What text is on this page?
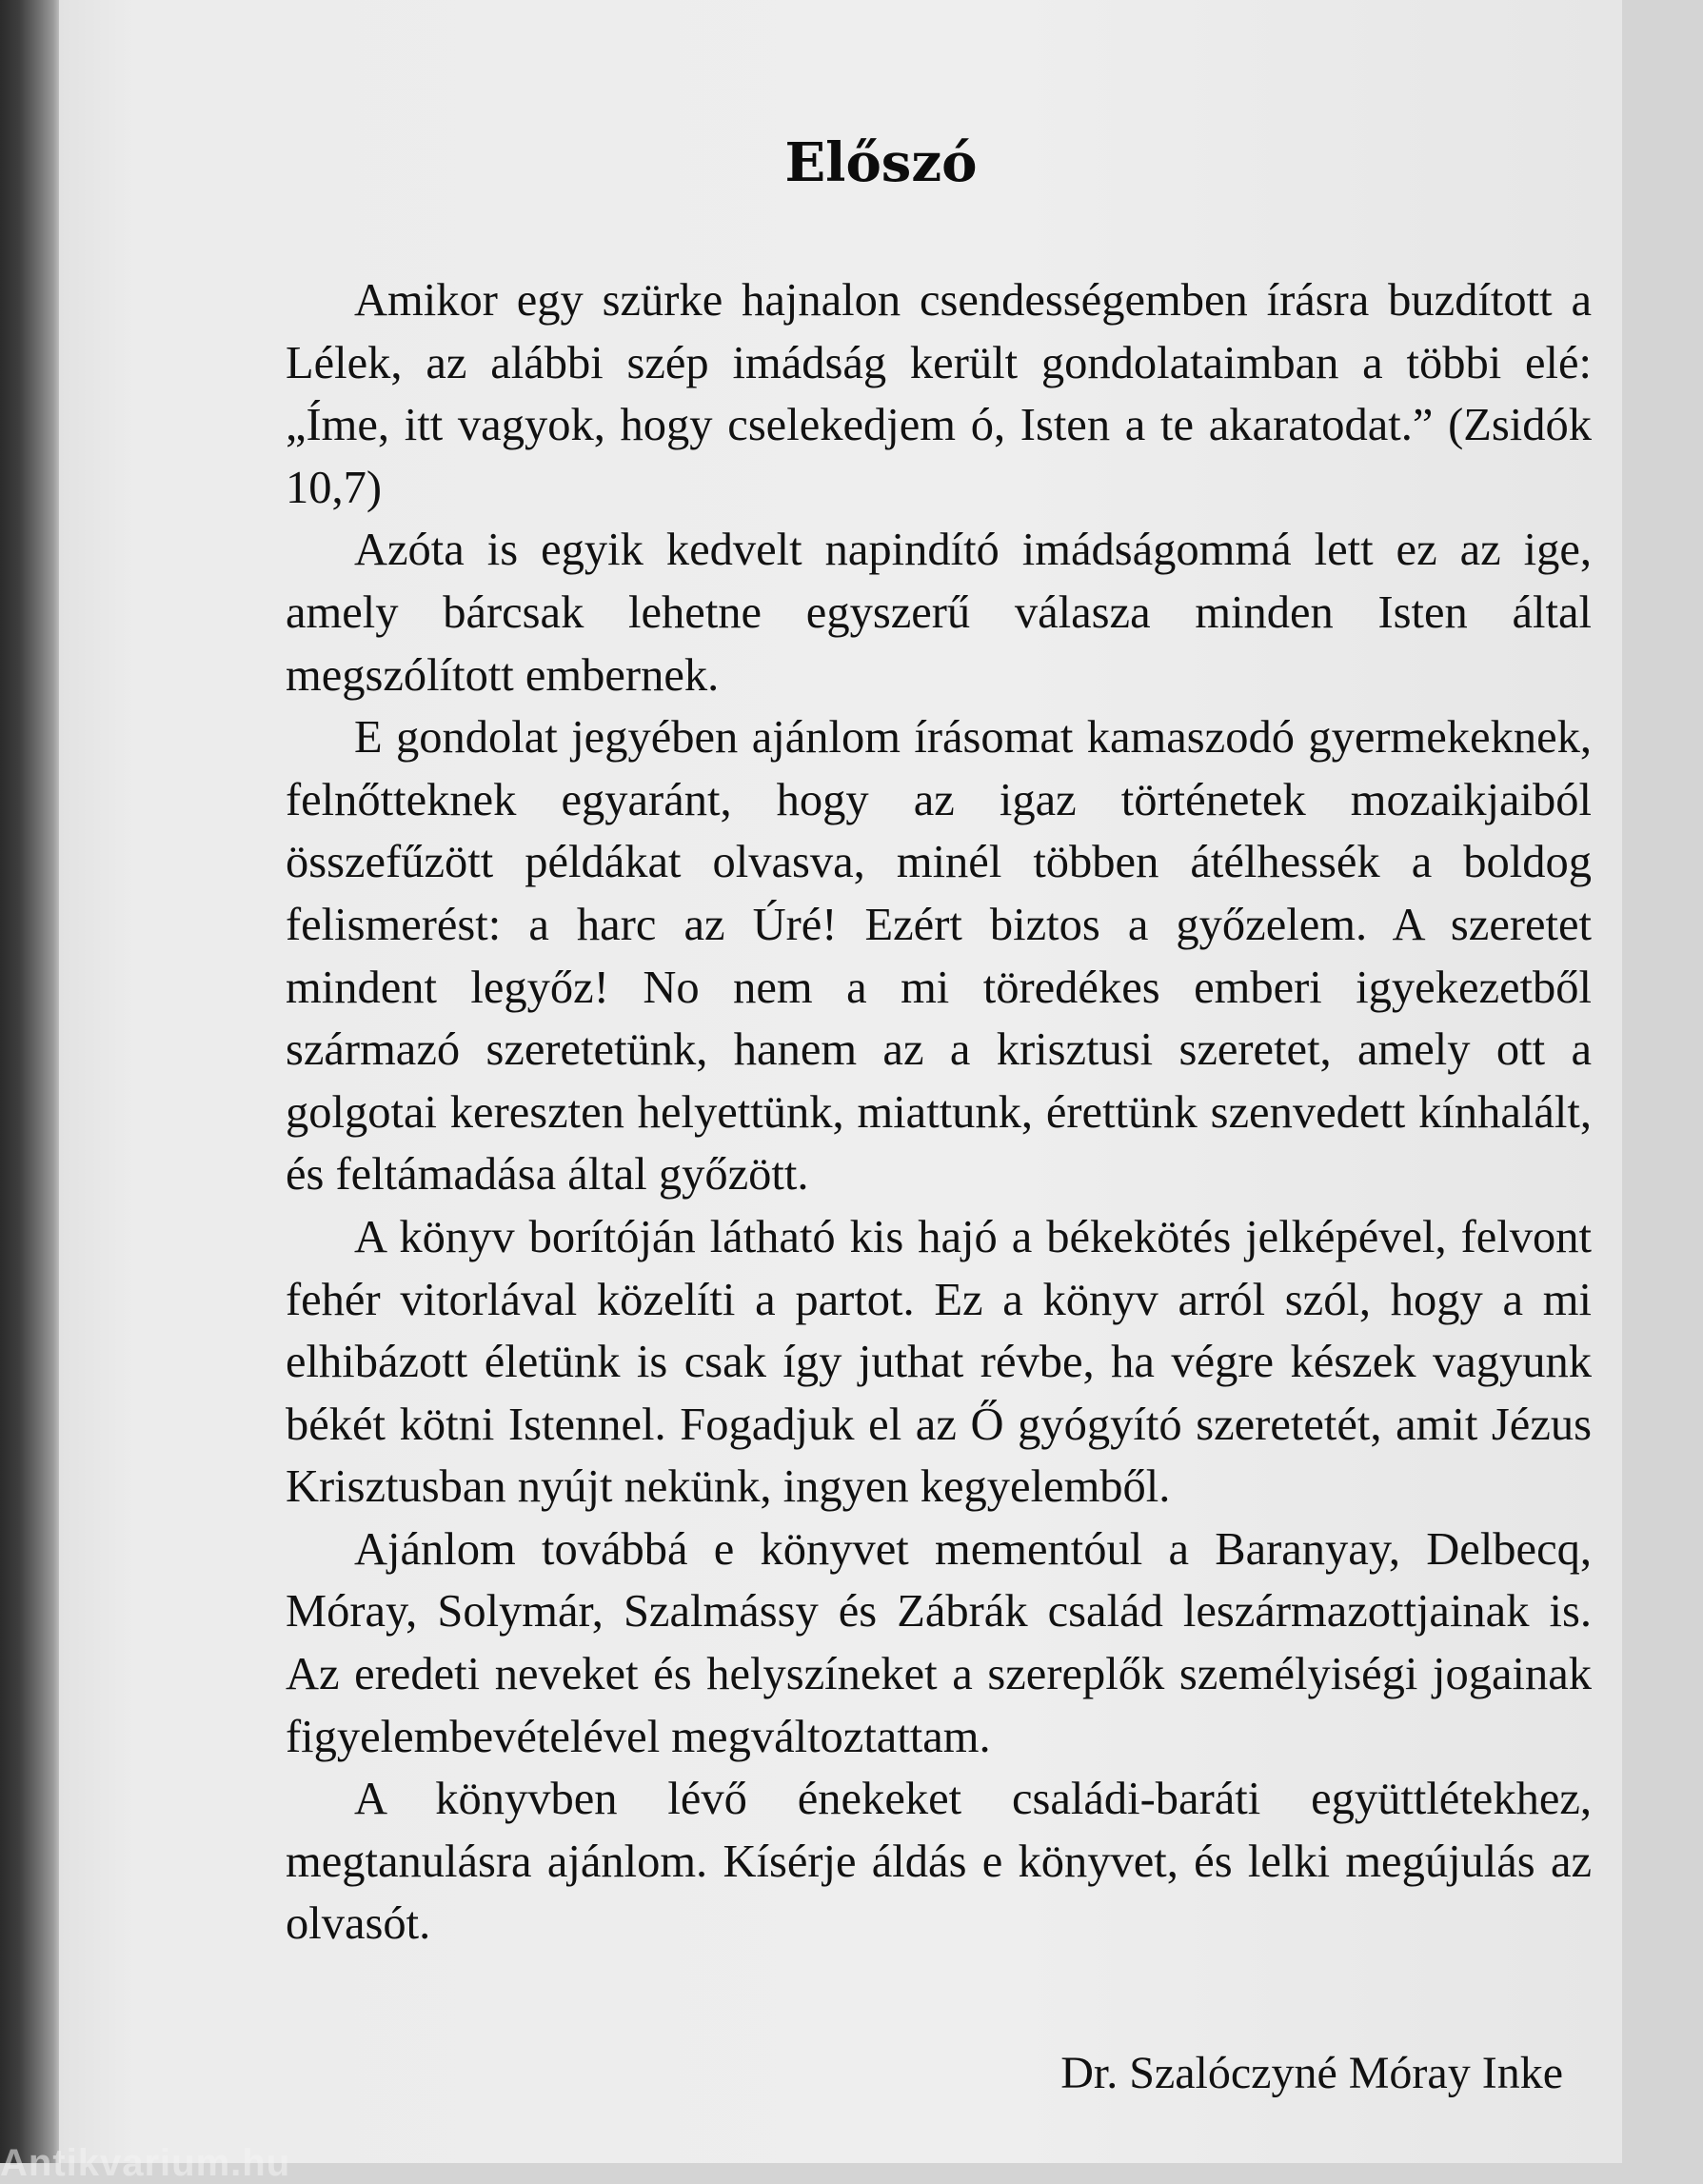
Előszó

Amikor egy szürke hajnalon csendességemben írásra buzdított a Lélek, az alábbi szép imádság került gondolataimban a többi elé: „Íme, itt vagyok, hogy cselekedjem ó, Isten a te akaratodat.” (Zsidók 10,7)

Azóta is egyik kedvelt napindító imádságommá lett ez az ige, amely bárcsak lehetne egyszerű válasza minden Isten által megszólított embernek.

E gondolat jegyében ajánlom írásomat kamaszodó gyermekeknek, felnőtteknek egyaránt, hogy az igaz történetek mozaikjaiból összefűzött példákat olvasva, minél többen átélhessék a boldog felismerést: a harc az Úré! Ezért biztos a győzelem. A szeretet mindent legyőz! No nem a mi töredékes emberi igyekezetből származó szeretetünk, hanem az a krisztusi szeretet, amely ott a golgotai kereszten helyettünk, miattunk, érettünk szenvedett kínhalált, és feltámadása által győzött.

A könyv borítóján látható kis hajó a békekötés jelképével, felvont fehér vitorlával közelíti a partot. Ez a könyv arról szól, hogy a mi elhibázott életünk is csak így juthat révbe, ha végre készek vagyunk békét kötni Istennel. Fogadjuk el az Ő gyógyító szeretetét, amit Jézus Krisztusban nyújt nekünk, ingyen kegyelemből.

Ajánlom továbbá e könyvet mementóul a Baranyay, Delbecq, Móray, Solymár, Szalmássy és Zábrák család leszármazottjainak is. Az eredeti neveket és helyszíneket a szereplők személyiségi jogainak figyelembevételével megváltoztattam.

A könyvben lévő énekeket családi-baráti együttlétekhez, megtanulásra ajánlom. Kísérje áldás e könyvet, és lelki megújulás az olvasót.

Dr. Szalóczyné Móray Inke
Antikvarium.hu
